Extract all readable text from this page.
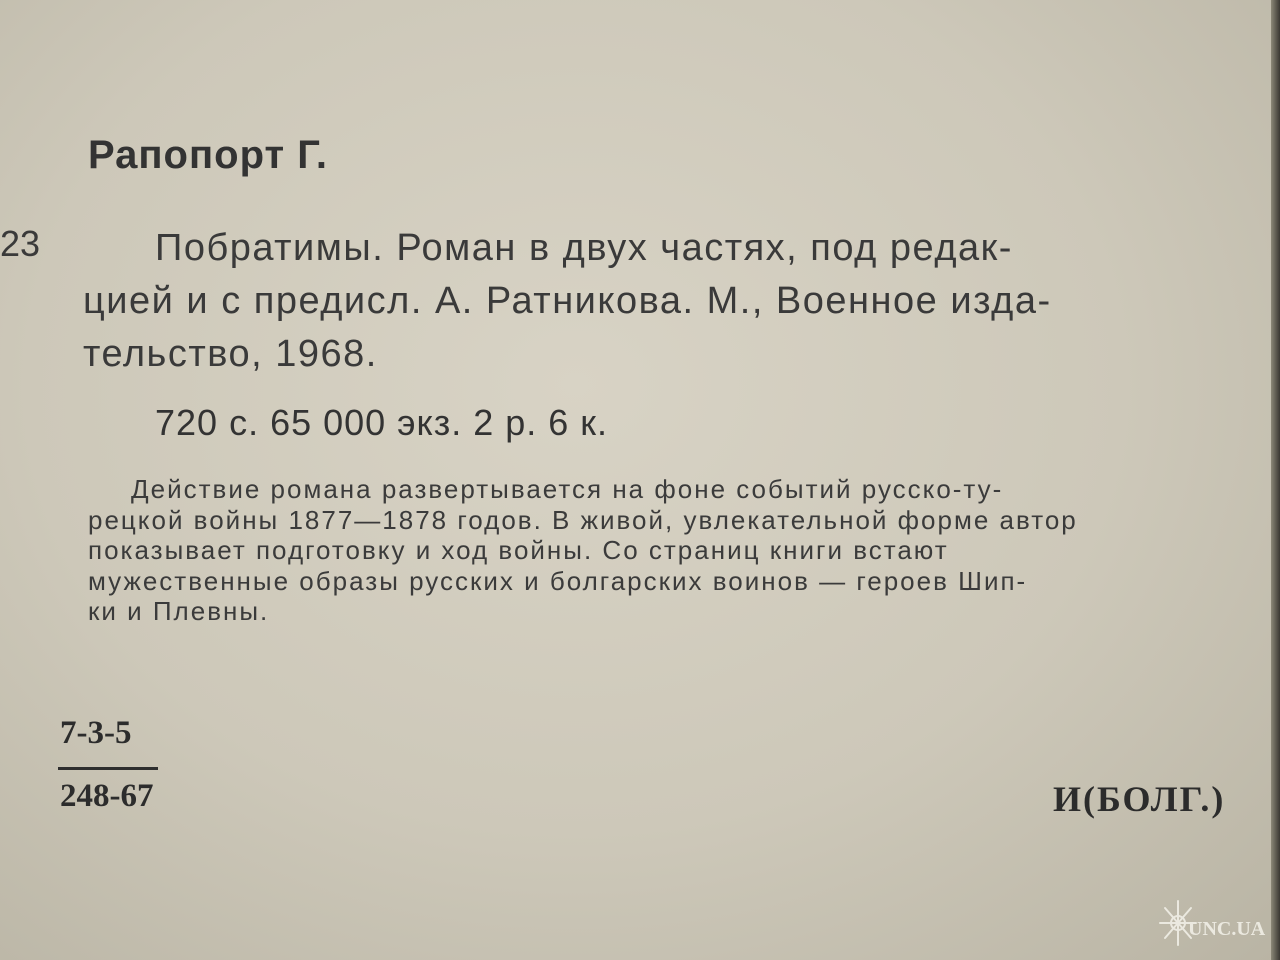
Рапопорт Г.
23	Побратимы. Роман в двух частях, под редак-
цией и с предисл. А. Ратникова. М., Военное изда-
тельство, 1968.
720 с. 65 000 экз. 2 р. 6 к.
Действие романа развертывается на фоне событий русско-ту-
рецкой войны 1877—1878 годов. В живой, увлекательной форме автор
показывает подготовку и ход войны. Со страниц книги встают
мужественные образы русских и болгарских воинов — героев Шип-
ки и Плевны.
7-3-5
248-67	И(БОЛГ.)
UNC.UA
